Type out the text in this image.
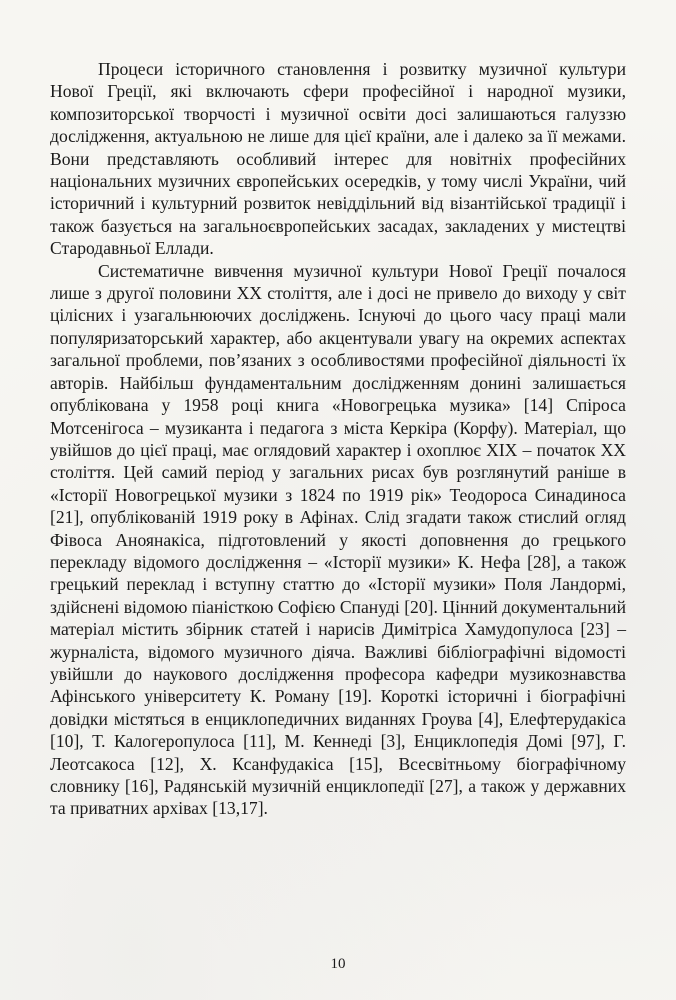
Процеси історичного становлення і розвитку музичної культури Нової Греції, які включають сфери професійної і народної музики, композиторської творчості і музичної освіти досі залишаються галуззю дослідження, актуальною не лише для цієї країни, але і далеко за її межами. Вони представляють особливий інтерес для новітніх професійних національних музичних європейських осередків, у тому числі України, чий історичний і культурний розвиток невіддільний від візантійської традиції і також базується на загальноєвропейських засадах, закладених у мистецтві Стародавньої Еллади.

Систематичне вивчення музичної культури Нової Греції почалося лише з другої половини ХХ століття, але і досі не привело до виходу у світ цілісних і узагальнюючих досліджень. Існуючі до цього часу праці мали популяризаторський характер, або акцентували увагу на окремих аспектах загальної проблеми, пов’язаних з особливостями професійної діяльності їх авторів. Найбільш фундаментальним дослідженням донині залишається опублікована у 1958 році книга «Новогрецька музика» [14] Спіроса Мотсенігоса – музиканта і педагога з міста Керкіра (Корфу). Матеріал, що увійшов до цієї праці, має оглядовий характер і охоплює ХІХ – початок ХХ століття. Цей самий період у загальних рисах був розглянутий раніше в «Історії Новогрецької музики з 1824 по 1919 рік» Теодороса Синадиноса [21], опублікованій 1919 року в Афінах. Слід згадати також стислий огляд Фівоса Аноянакіса, підготовлений у якості доповнення до грецького перекладу відомого дослідження – «Історії музики» К. Нефа [28], а також грецький переклад і вступну статтю до «Історії музики» Поля Ландормі, здійснені відомою піаністкою Софією Спануді [20]. Цінний документальний матеріал містить збірник статей і нарисів Димітріса Хамудопулоса [23] – журналіста, відомого музичного діяча. Важливі бібліографічні відомості увійшли до наукового дослідження професора кафедри музикознавства Афінського університету К. Роману [19]. Короткі історичні і біографічні довідки містяться в енциклопедичних виданнях Гроува [4], Елефтерудакіса [10], Т. Калогеропулоса [11], М. Кеннеді [3], Енциклопедія Домі [97], Г. Леотсакоса [12], Х. Ксанфудакіса [15], Всесвітньому біографічному словнику [16], Радянській музичній енциклопедії [27], а також у державних та приватних архівах [13,17].

10
